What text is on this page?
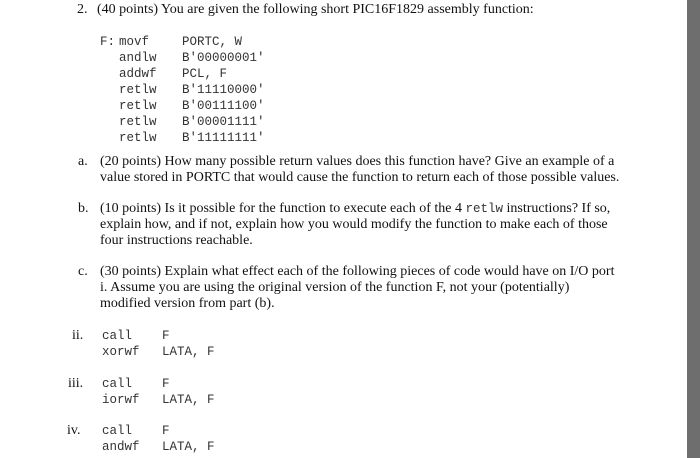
2. (40 points) You are given the following short PIC16F1829 assembly function:
F: movf	PORTC, W
andlw B'00000001'
addwf PCL, F
retlw B'11110000'
retlw B'00111100'
retlw B'00001111'
retlw B'11111111'
a. (20 points) How many possible return values does this function have? Give an example of a
value stored in PORTC that would cause the function to return each of those possible values.
b. (10 points) Is it possible for the function to execute each of the 4 retlw instructions? If so,
explain how, and if not, explain how you would modify the function to make each of those
four instructions reachable.
c. (30 points) Explain what effect each of the following pieces of code would have on I/O port
i. Assume you are using the original version of the function F, not your (potentially)
modified version from part (b).
ii. call F
xorwf LATA, F
iii. call F
iorwf LATA, F
iv. call F
andwf LATA, F
